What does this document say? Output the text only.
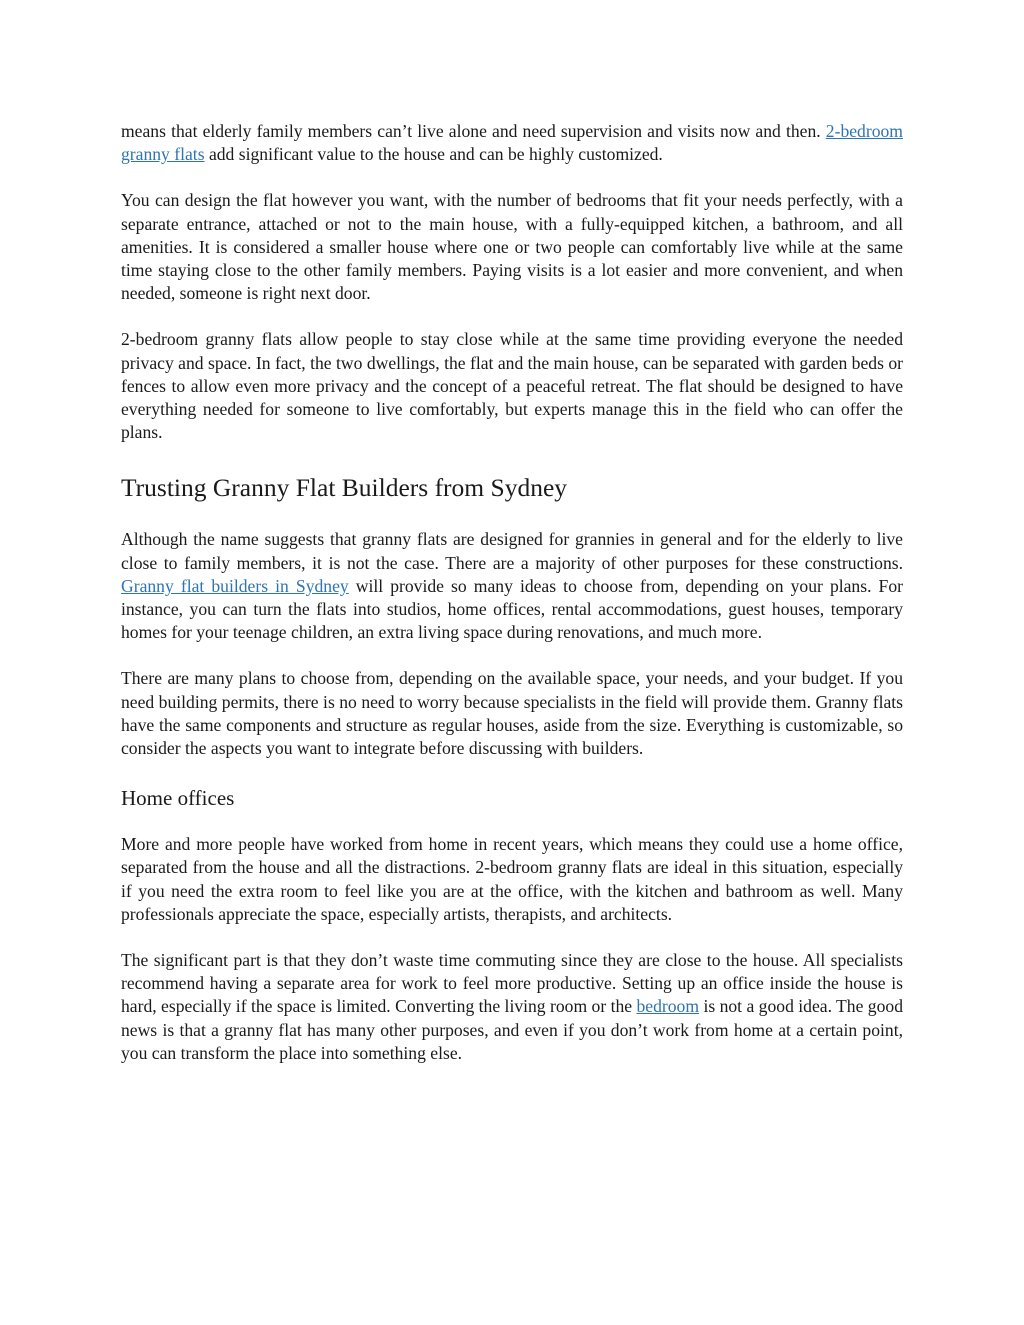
means that elderly family members can’t live alone and need supervision and visits now and then. 2-bedroom granny flats add significant value to the house and can be highly customized.

You can design the flat however you want, with the number of bedrooms that fit your needs perfectly, with a separate entrance, attached or not to the main house, with a fully-equipped kitchen, a bathroom, and all amenities. It is considered a smaller house where one or two people can comfortably live while at the same time staying close to the other family members. Paying visits is a lot easier and more convenient, and when needed, someone is right next door.

2-bedroom granny flats allow people to stay close while at the same time providing everyone the needed privacy and space. In fact, the two dwellings, the flat and the main house, can be separated with garden beds or fences to allow even more privacy and the concept of a peaceful retreat. The flat should be designed to have everything needed for someone to live comfortably, but experts manage this in the field who can offer the plans.

Trusting Granny Flat Builders from Sydney

Although the name suggests that granny flats are designed for grannies in general and for the elderly to live close to family members, it is not the case. There are a majority of other purposes for these constructions. Granny flat builders in Sydney will provide so many ideas to choose from, depending on your plans. For instance, you can turn the flats into studios, home offices, rental accommodations, guest houses, temporary homes for your teenage children, an extra living space during renovations, and much more.

There are many plans to choose from, depending on the available space, your needs, and your budget. If you need building permits, there is no need to worry because specialists in the field will provide them. Granny flats have the same components and structure as regular houses, aside from the size. Everything is customizable, so consider the aspects you want to integrate before discussing with builders.

Home offices

More and more people have worked from home in recent years, which means they could use a home office, separated from the house and all the distractions. 2-bedroom granny flats are ideal in this situation, especially if you need the extra room to feel like you are at the office, with the kitchen and bathroom as well. Many professionals appreciate the space, especially artists, therapists, and architects.

The significant part is that they don’t waste time commuting since they are close to the house. All specialists recommend having a separate area for work to feel more productive. Setting up an office inside the house is hard, especially if the space is limited. Converting the living room or the bedroom is not a good idea. The good news is that a granny flat has many other purposes, and even if you don’t work from home at a certain point, you can transform the place into something else.
